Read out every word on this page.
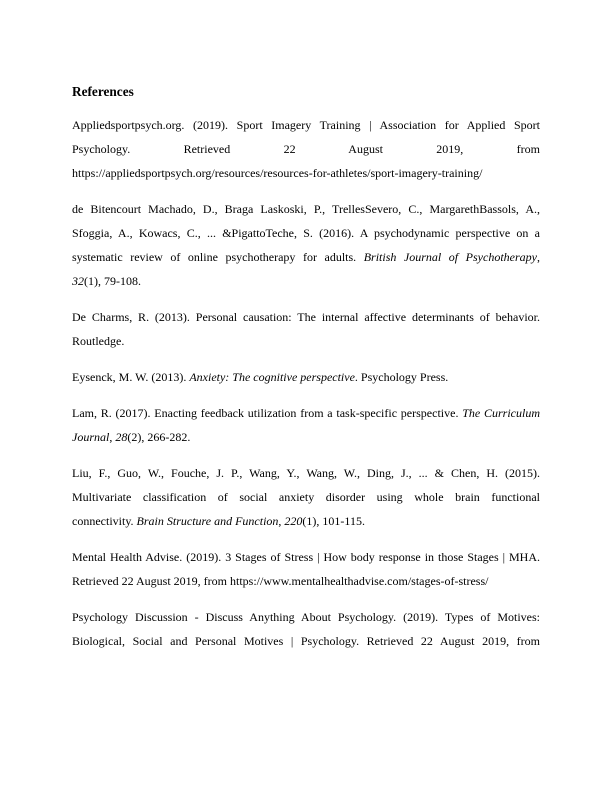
References
Appliedsportpsych.org. (2019). Sport Imagery Training | Association for Applied Sport
Psychology. Retrieved 22 August 2019, from
https://appliedsportpsych.org/resources/resources-for-athletes/sport-imagery-training/
de Bitencourt Machado, D., Braga Laskoski, P., TrellesSevero, C., MargarethBassols, A.,
Sfoggia, A., Kowacs, C., ... &PigattoTeche, S. (2016). A psychodynamic perspective on a
systematic review of online psychotherapy for adults. British Journal of Psychotherapy,
32(1), 79-108.
De Charms, R. (2013). Personal causation: The internal affective determinants of behavior.
Routledge.
Eysenck, M. W. (2013). Anxiety: The cognitive perspective. Psychology Press.
Lam, R. (2017). Enacting feedback utilization from a task-specific perspective. The Curriculum
Journal, 28(2), 266-282.
Liu, F., Guo, W., Fouche, J. P., Wang, Y., Wang, W., Ding, J., ... & Chen, H. (2015).
Multivariate classification of social anxiety disorder using whole brain functional
connectivity. Brain Structure and Function, 220(1), 101-115.
Mental Health Advise. (2019). 3 Stages of Stress | How body response in those Stages | MHA.
Retrieved 22 August 2019, from https://www.mentalhealthadvise.com/stages-of-stress/
Psychology Discussion - Discuss Anything About Psychology. (2019). Types of Motives:
Biological, Social and Personal Motives | Psychology. Retrieved 22 August 2019, from
